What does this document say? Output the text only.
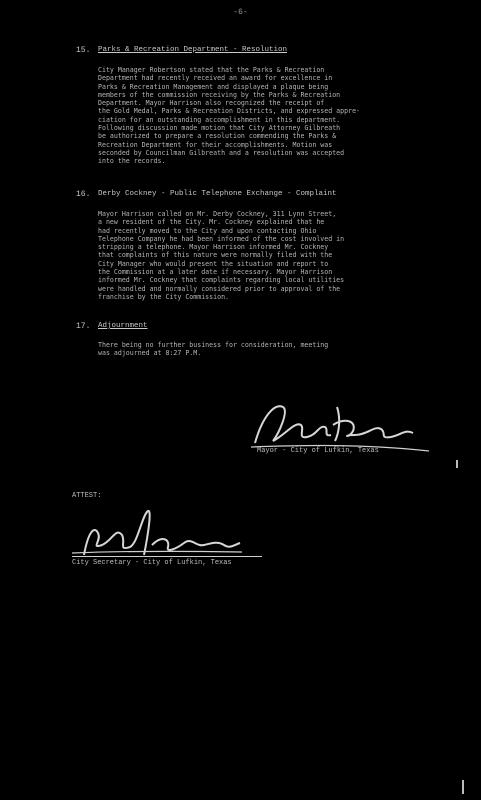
-6-
15. Parks & Recreation Department - Resolution
City Manager Robertson stated that the Parks & Recreation
Department had recently received an award for excellence in
Parks & Recreation Management and displayed a plaque being
members of the commission receiving by the Parks & Recreation
Department. Mayor Harrison also recognized the receipt of
the Gold Medal, Parks & Recreation Districts, and expressed appre-
ciation for an outstanding accomplishment in this department.
Following discussion made motion that City Attorney Gilbreath
be authorized to prepare a resolution commending the Parks &
Recreation Department for their accomplishments. Motion was
seconded by Councilman Gilbreath and a resolution was accepted
into the records.
16. Derby Cockney - Public Telephone Exchange - Complaint
Mayor Harrison called on Mr. Derby Cockney, 311 Lynn Street,
a new resident of the City. Mr. Cockney explained that he
had recently moved to the City and upon contacting Ohio
Telephone Company he had been informed of the cost involved in
stripping a telephone. Mayor Harrison informed Mr. Cockney
that complaints of this nature were normally filed with the
City Manager who would present the situation and report to
the Commission at a later date if necessary. Mayor Harrison
informed Mr. Cockney that complaints regarding local utilities
were handled and normally considered prior to approval of the
franchise by the City Commission.
17. Adjournment
There being no further business for consideration, meeting
was adjourned at 8:27 P.M.
Mayor - City of Lufkin, Texas
ATTEST:
City Secretary - City of Lufkin, Texas
